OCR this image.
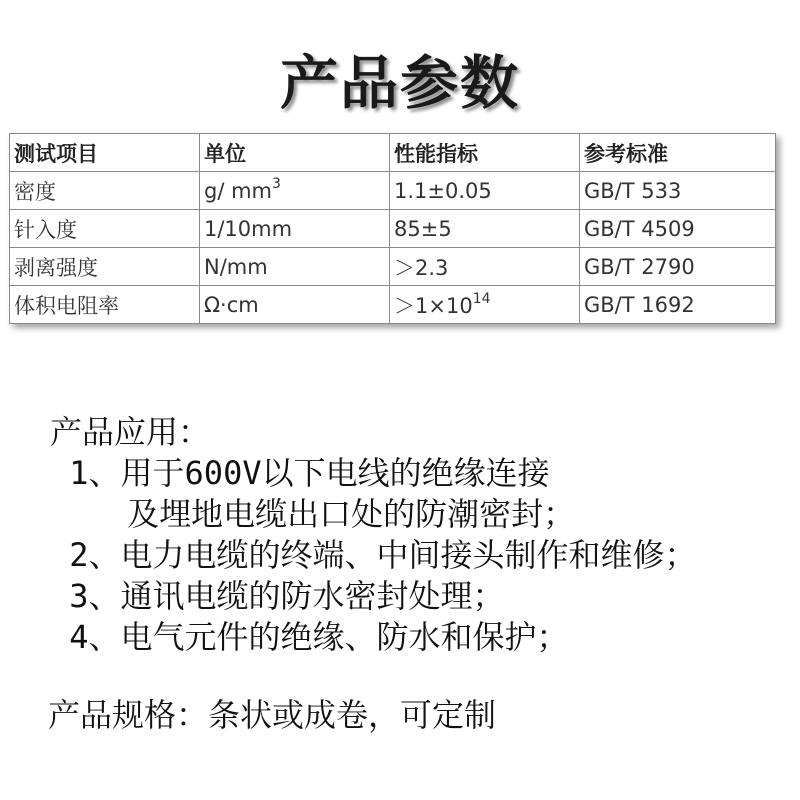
产品参数
测试项目	单位	性能指标	参考标准
密度	g/ $mm^3$	1.1±0.05	GB/T 533
针入度	1/10mm	85±5	GB/T 4509
剥离强度	N/mm	＞2.3	GB/T 2790
体积电阻率	Ω·cm	$>1\times 10^{14}$	GB/T 1692
产品应用：
1、用于600V以下电线的绝缘连接
及埋地电缆出口处的防潮密封；
2、电力电缆的终端、中间接头制作和维修；
3、通讯电缆的防水密封处理；
4、电气元件的绝缘、防水和保护；
产品规格：条状或成卷，可定制
